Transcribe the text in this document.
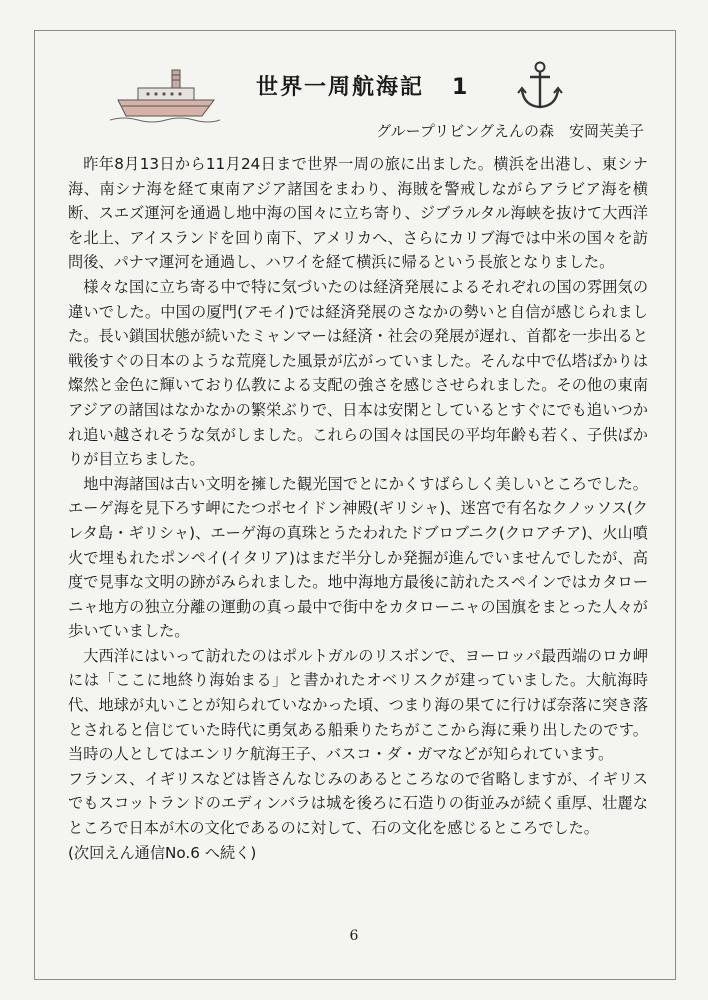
世界一周航海記 1
グループリビングえんの森　安岡芙美子

昨年8月13日から11月24日まで世界一周の旅に出ました。横浜を出港し、東シナ海、南シナ海を経て東南アジア諸国をまわり、海賊を警戒しながらアラビア海を横断、スエズ運河を通過し地中海の国々に立ち寄り、ジブラルタル海峡を抜けて大西洋を北上、アイスランドを回り南下、アメリカへ、さらにカリブ海では中米の国々を訪問後、パナマ運河を通過し、ハワイを経て横浜に帰るという長旅となりました。

様々な国に立ち寄る中で特に気づいたのは経済発展によるそれぞれの国の雰囲気の違いでした。中国の厦門(アモイ)では経済発展のさなかの勢いと自信が感じられました。長い鎖国状態が続いたミャンマーは経済・社会の発展が遅れ、首都を一歩出ると戦後すぐの日本のような荒廃した風景が広がっていました。そんな中で仏塔ばかりは燦然と金色に輝いており仏教による支配の強さを感じさせられました。その他の東南アジアの諸国はなかなかの繁栄ぶりで、日本は安閑としているとすぐにでも追いつかれ追い越されそうな気がしました。これらの国々は国民の平均年齢も若く、子供ばかりが目立ちました。

地中海諸国は古い文明を擁した観光国でとにかくすばらしく美しいところでした。エーゲ海を見下ろす岬にたつポセイドン神殿(ギリシャ)、迷宮で有名なクノッソス(クレタ島・ギリシャ)、エーゲ海の真珠とうたわれたドブロブニク(クロアチア)、火山噴火で埋もれたポンペイ(イタリア)はまだ半分しか発掘が進んでいませんでしたが、高度で見事な文明の跡がみられました。地中海地方最後に訪れたスペインではカタローニャ地方の独立分離の運動の真っ最中で街中をカタローニャの国旗をまとった人々が歩いていました。

大西洋にはいって訪れたのはポルトガルのリスボンで、ヨーロッパ最西端のロカ岬には「ここに地終り海始まる」と書かれたオベリスクが建っていました。大航海時代、地球が丸いことが知られていなかった頃、つまり海の果てに行けば奈落に突き落とされると信じていた時代に勇気ある船乗りたちがここから海に乗り出したのです。当時の人としてはエンリケ航海王子、バスコ・ダ・ガマなどが知られています。

フランス、イギリスなどは皆さんなじみのあるところなので省略しますが、イギリスでもスコットランドのエディンバラは城を後ろに石造りの街並みが続く重厚、壮麗なところで日本が木の文化であるのに対して、石の文化を感じるところでした。

(次回えん通信No.6 へ続く)

6
